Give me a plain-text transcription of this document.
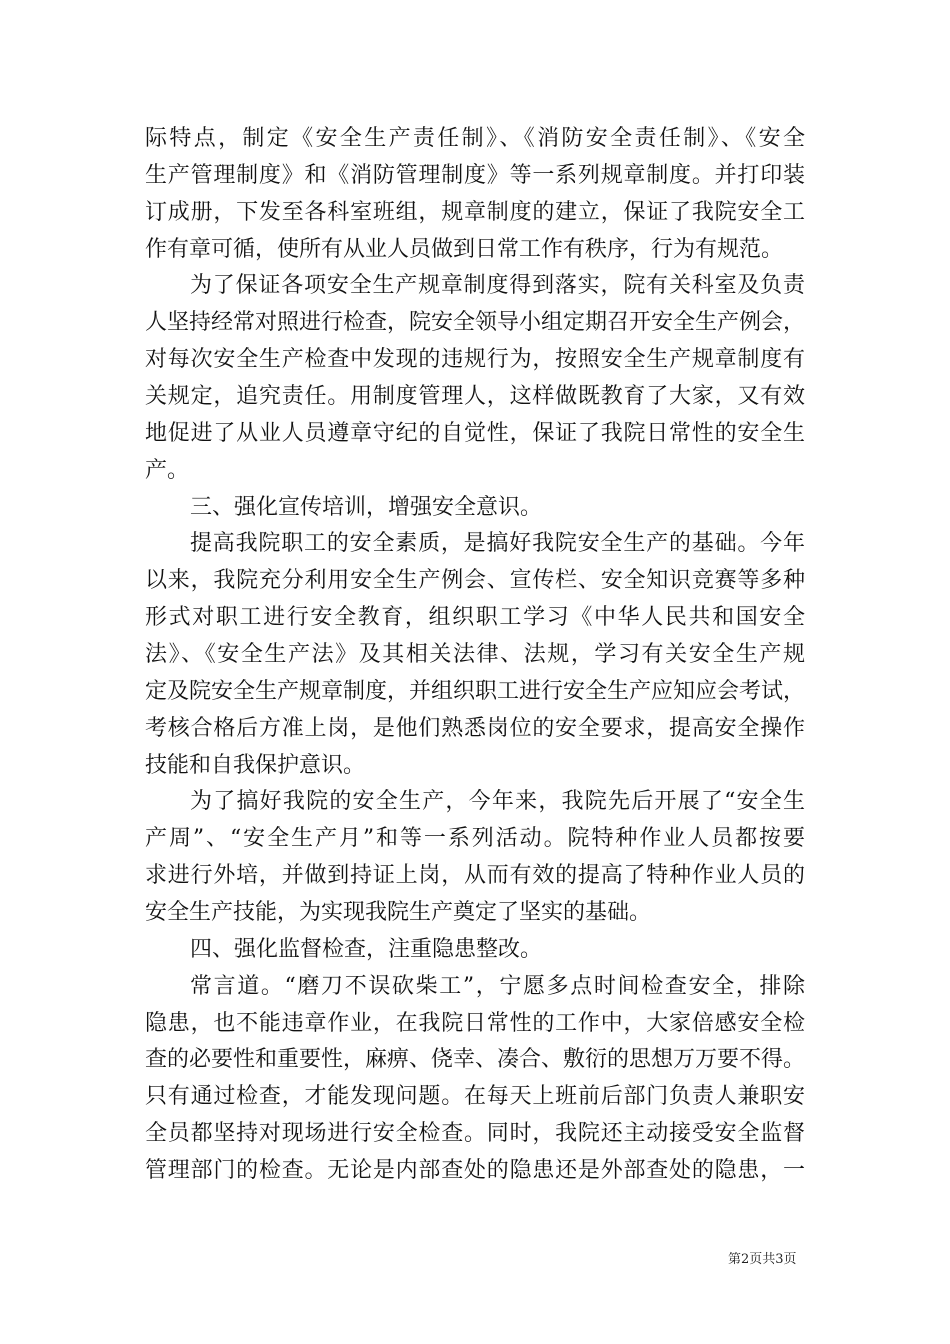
际特点，制定《安全生产责任制》、《消防安全责任制》、《安全
生产管理制度》和《消防管理制度》等一系列规章制度。并打印装
订成册，下发至各科室班组，规章制度的建立，保证了我院安全工
作有章可循，使所有从业人员做到日常工作有秩序，行为有规范。
为了保证各项安全生产规章制度得到落实，院有关科室及负责
人坚持经常对照进行检查，院安全领导小组定期召开安全生产例会，
对每次安全生产检查中发现的违规行为，按照安全生产规章制度有
关规定，追究责任。用制度管理人，这样做既教育了大家，又有效
地促进了从业人员遵章守纪的自觉性，保证了我院日常性的安全生
产。
三、强化宣传培训，增强安全意识。
提高我院职工的安全素质，是搞好我院安全生产的基础。今年
以来，我院充分利用安全生产例会、宣传栏、安全知识竞赛等多种
形式对职工进行安全教育，组织职工学习《中华人民共和国安全
法》、《安全生产法》及其相关法律、法规，学习有关安全生产规
定及院安全生产规章制度，并组织职工进行安全生产应知应会考试，
考核合格后方准上岗，是他们熟悉岗位的安全要求，提高安全操作
技能和自我保护意识。
为了搞好我院的安全生产，今年来，我院先后开展了“安全生
产周”、“安全生产月”和等一系列活动。院特种作业人员都按要
求进行外培，并做到持证上岗，从而有效的提高了特种作业人员的
安全生产技能，为实现我院生产奠定了坚实的基础。
四、强化监督检查，注重隐患整改。
常言道。“磨刀不误砍柴工”，宁愿多点时间检查安全，排除
隐患，也不能违章作业，在我院日常性的工作中，大家倍感安全检
查的必要性和重要性，麻痹、侥幸、凑合、敷衍的思想万万要不得。
只有通过检查，才能发现问题。在每天上班前后部门负责人兼职安
全员都坚持对现场进行安全检查。同时，我院还主动接受安全监督
管理部门的检查。无论是内部查处的隐患还是外部查处的隐患，一
第2页共3页
